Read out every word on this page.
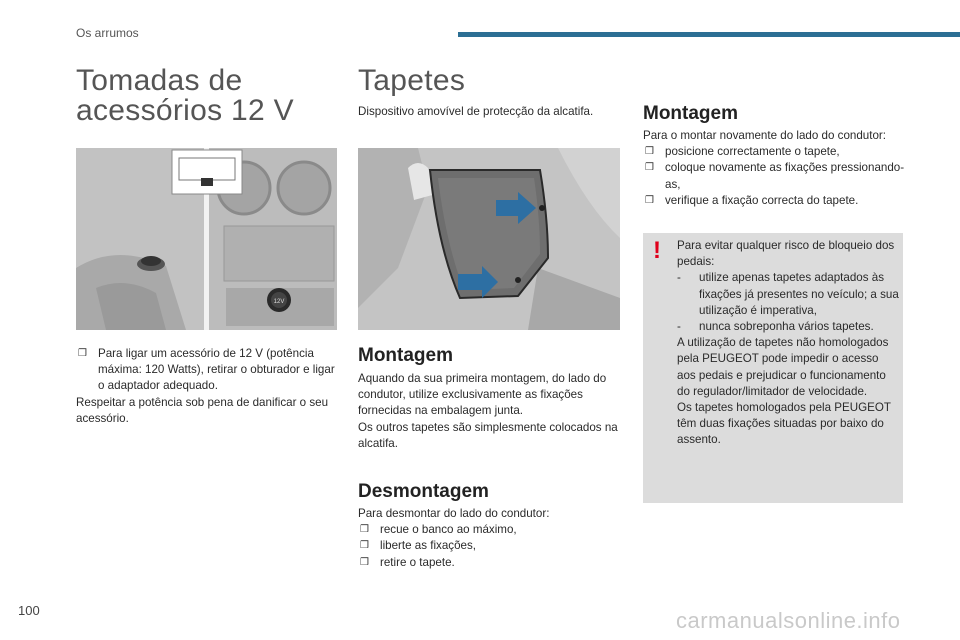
Os arrumos
Tomadas de
acessórios 12 V
12V
❒ Para ligar um acessório de 12 V (potência máxima: 120 Watts), retirar o obturador e ligar o adaptador adequado.
Respeitar a potência sob pena de danificar o seu acessório.
Tapetes
Dispositivo amovível de protecção da alcatifa.
Montagem
Aquando da sua primeira montagem, do lado do condutor, utilize exclusivamente as fixações fornecidas na embalagem junta.
Os outros tapetes são simplesmente colocados na alcatifa.
Desmontagem
Para desmontar do lado do condutor:
❒ recue o banco ao máximo,
❒ liberte as fixações,
❒ retire o tapete.
Montagem
Para o montar novamente do lado do condutor:
❒ posicione correctamente o tapete,
❒ coloque novamente as fixações pressionando-as,
❒ verifique a fixação correcta do tapete.
! Para evitar qualquer risco de bloqueio dos pedais:
- utilize apenas tapetes adaptados às fixações já presentes no veículo; a sua utilização é imperativa,
- nunca sobreponha vários tapetes.
A utilização de tapetes não homologados pela PEUGEOT pode impedir o acesso aos pedais e prejudicar o funcionamento do regulador/limitador de velocidade.
Os tapetes homologados pela PEUGEOT têm duas fixações situadas por baixo do assento.
100	carmanualsonline.info
